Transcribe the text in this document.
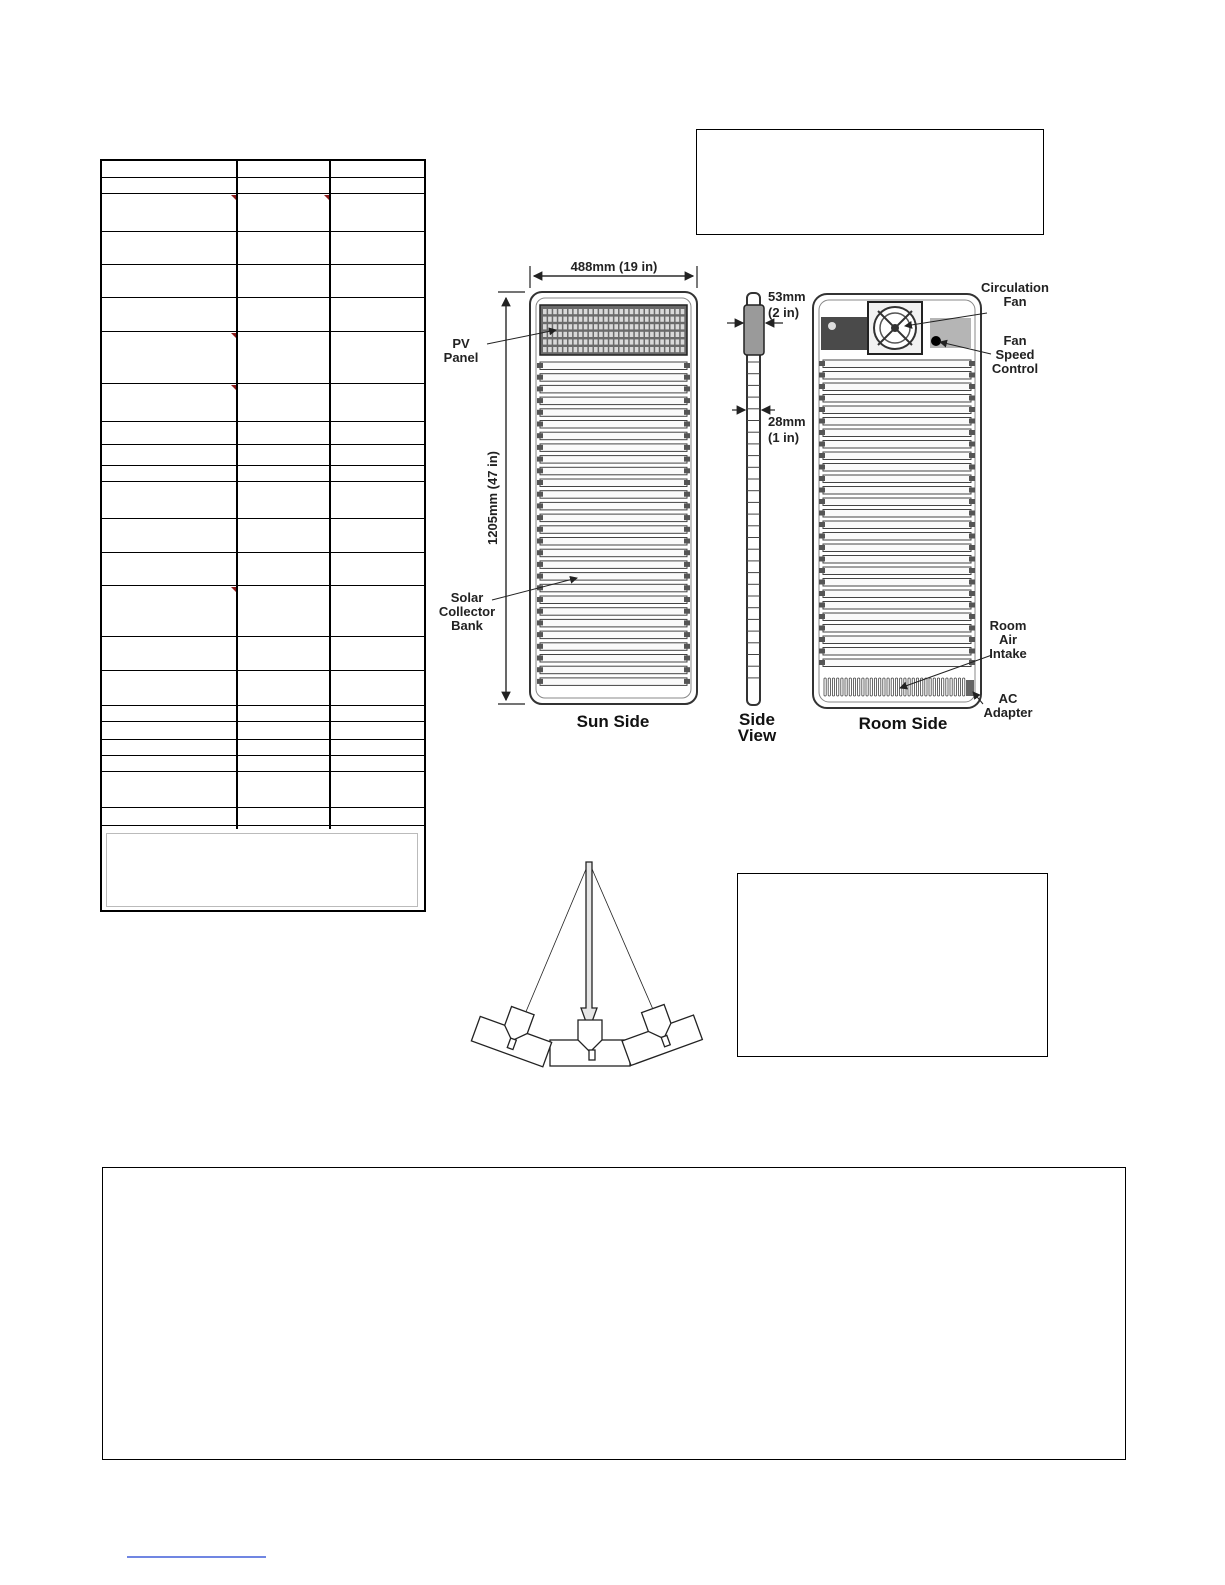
488mm (19 in)
1205mm (47 in)
53mm
(2 in)
28mm
(1 in)
PV
Panel
Solar
Collector
Bank
Circulation
Fan
Fan
Speed
Control
Room
Air
Intake
AC
Adapter
Sun Side	Side
View
Room Side
